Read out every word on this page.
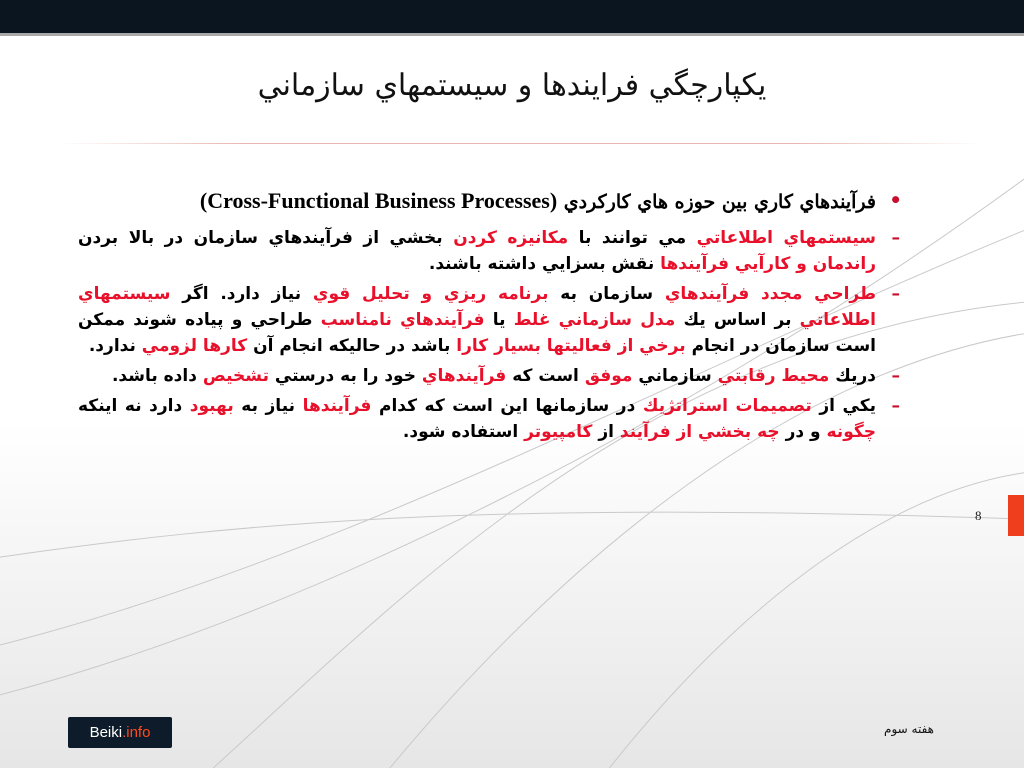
يكپارچگي فرايندها و سيستمهاي سازماني
•
فرآيندهاي كاري بين حوزه هاي كاركردي (Cross-Functional Business Processes)
–
سيستمهاي اطلاعاتي مي توانند با مكانيزه كردن بخشي از فرآيندهاي سازمان در بالا بردن راندمان و كارآيي فرآيندها نقش بسزايي داشته باشند.
–
طراحي مجدد فرآيندهاي سازمان به برنامه ريزي و تحليل قوي نياز دارد. اگر سيستمهاي اطلاعاتي بر اساس يك مدل سازماني غلط يا فرآيندهاي نامناسب طراحي و پياده شوند ممكن است سازمان در انجام برخي از فعاليتها بسيار كارا باشد در حاليكه انجام آن كارها لزومي ندارد.
–
دريك محيط رقابتي سازماني موفق است كه فرآيندهاي خود را به درستي تشخيص داده باشد.
–
يكي از تصميمات استراتژيك در سازمانها اين است كه كدام فرآيندها نياز به بهبود دارد نه اينكه چگونه و در چه بخشي از فرآيند از كامپيوتر استفاده شود.
8
Beiki.info	هفته سوم
